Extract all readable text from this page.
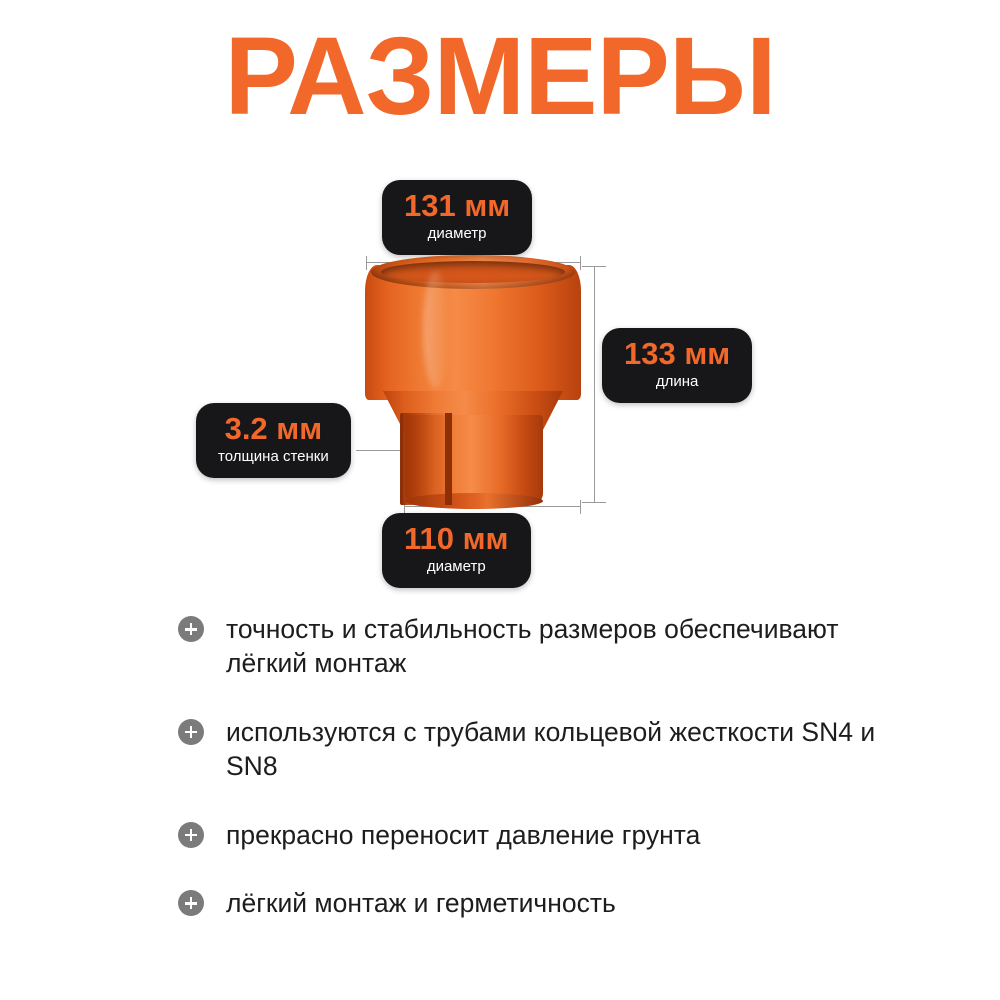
РАЗМЕРЫ
131 мм
диаметр
133 мм
длина
3.2 мм
толщина стенки
110 мм
диаметр
точность и стабильность размеров обеспечивают лёгкий монтаж
использyются с трубами кольцевой жесткости SN4 и SN8
прекрасно переносит давление грунта
лёгкий монтаж и герметичность
